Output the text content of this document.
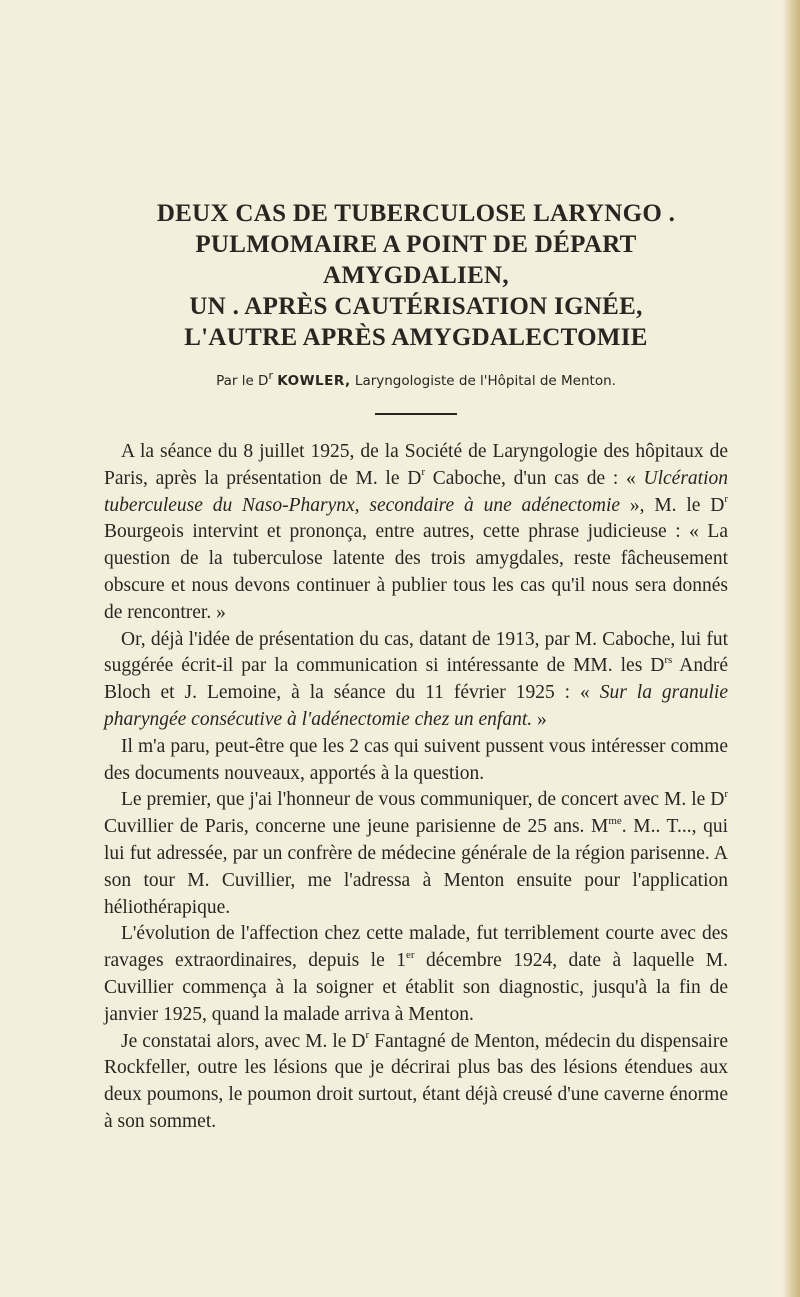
DEUX CAS DE TUBERCULOSE LARYNGO .
PULMOMAIRE A POINT DE DÉPART AMYGDALIEN,
UN . APRÈS CAUTÉRISATION IGNÉE,
L'AUTRE APRÈS AMYGDALECTOMIE
Par le $D^r$ KOWLER, Laryngologiste de l'Hôpital de Menton.

A la séance du 8 juillet 1925, de la Société de Laryngologie des hôpitaux de Paris, après la présentation de M. le $D^r$ Caboche, d'un cas de : « Ulcération tuberculeuse du Naso-Pharynx, secondaire à une adénectomie », M. le $D^r$ Bourgeois intervint et prononça, entre autres, cette phrase judicieuse : « La question de la tuberculose latente des trois amygdales, reste fâcheusement obscure et nous devons continuer à publier tous les cas qu'il nous sera donnés de rencontrer. »

Or, déjà l'idée de présentation du cas, datant de 1913, par M. Caboche, lui fut suggérée écrit-il par la communication si intéressante de MM. les $D^{rs}$ André Bloch et J. Lemoine, à la séance du 11 février 1925 : « Sur la granulie pharyngée consécutive à l'adénectomie chez un enfant. »

Il m'a paru, peut-être que les 2 cas qui suivent pussent vous intéresser comme des documents nouveaux, apportés à la question.

Le premier, que j'ai l'honneur de vous communiquer, de concert avec M. le $D^r$ Cuvillier de Paris, concerne une jeune parisienne de 25 ans. $M^{me}$. M.. T..., qui lui fut adressée, par un confrère de médecine générale de la région parisenne. A son tour M. Cuvillier, me l'adressa à Menton ensuite pour l'application héliothérapique.

L'évolution de l'affection chez cette malade, fut terriblement courte avec des ravages extraordinaires, depuis le 1er décembre 1924, date à laquelle M. Cuvillier commença à la soigner et établit son diagnostic, jusqu'à la fin de janvier 1925, quand la malade arriva à Menton.

Je constatai alors, avec M. le $D^r$ Fantagné de Menton, médecin du dispensaire Rockfeller, outre les lésions que je décrirai plus bas des lésions étendues aux deux poumons, le poumon droit surtout, étant déjà creusé d'une caverne énorme à son sommet.
